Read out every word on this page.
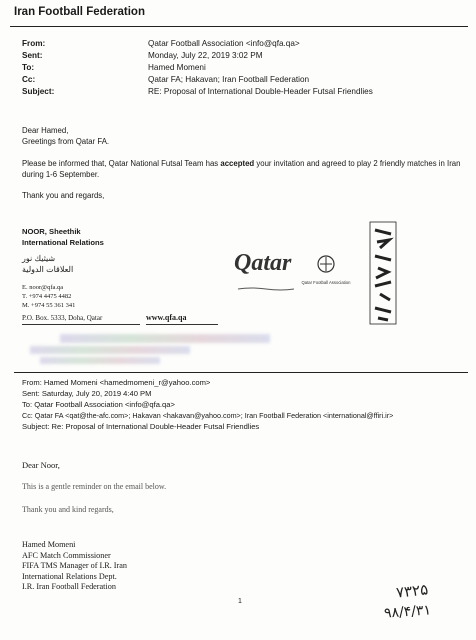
Iran Football Federation
From:	Qatar Football Association <info@qfa.qa>
Sent:	Monday, July 22, 2019 3:02 PM
To:	Hamed Momeni
Cc:	Qatar FA; Hakavan; Iran Football Federation
Subject:	RE: Proposal of International Double-Header Futsal Friendlies
Dear Hamed,
Greetings from Qatar FA.
Please be informed that, Qatar National Futsal Team has accepted your invitation and agreed to play 2 friendly matches in Iran during 1-6 September.
Thank you and regards,
NOOR, Sheethik
International Relations
شيثيك نور
العلاقات الدولية
E. noor@qfa.qa
T. +974 4475 4482
M. +974 55 361 341
P.O. Box. 5333, Doha, Qatar	www.qfa.qa
Qatar
Qatar Football Association
From: Hamed Momeni <hamedmomeni_r@yahoo.com>
Sent: Saturday, July 20, 2019 4:40 PM
To: Qatar Football Association <info@qfa.qa>
Cc: Qatar FA <qat@the-afc.com>; Hakavan <hakavan@yahoo.com>; Iran Football Federation <international@ffiri.ir>
Subject: Re: Proposal of International Double-Header Futsal Friendlies
Dear Noor,
This is a gentle reminder on the email below.
Thank you and kind regards,
Hamed Momeni
AFC Match Commissioner
FIFA TMS Manager of I.R. Iran
International Relations Dept.
I.R. Iran Football Federation
1	۷۳۲۵
۹۸/۴/۳۱
